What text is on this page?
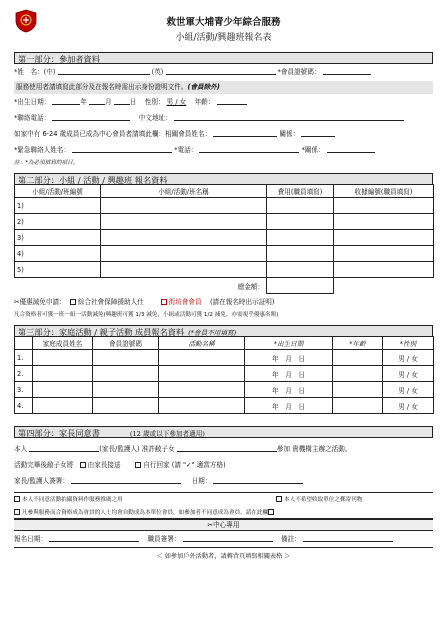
救世軍大埔青少年綜合服務
小組/活動/興趣班報名表
第一部分：參加者資料
*姓　名：(中)	(英)	*會員證號碼：
服務使用者請填寫此部分及在報名時需出示身份證明文件。(會員除外)
*出生日期：	年	月	日 性別： 男 / 女 年齡：
*聯絡電話：	中文地址：
如家中有 6-24 歲成員已成為中心會員者請填此欄：相關會員姓名：	關係：
*緊急聯絡人姓名：	*電話：	*關係：
註：*為必須填寫的項目。
第二部分：小組 / 活動 / 興趣班 報名資料
小組/活動/班編號	小組/活動/班名稱	費用(職員填寫)	收據編號(職員填寫)
1)			
2)			
3)			
4)			
5)			
總金額：			
✂優惠減免申請： 綜合社會保障援助人仕	街坊會會員 (請在報名時出示証明)
凡合資格者可獲一班一組一活動減免(興趣班可獲 1/3 減免，小組或活動可獲 1/2 減免，亦需視乎優惠名額)
第三部分：家庭活動 / 親子活動 成員報名資料 (*會員不用填寫)
	家庭成員姓名	會員證號碼	活動名稱	*出生日期	*年齡	*性別
1.				年　月　日		男 / 女
2.				年　月　日		男 / 女
3.				年　月　日		男 / 女
4.				年　月　日		男 / 女
第四部分：家長同意書	(12 歲或以下參加者適用)
本人	(家長/監護人) 准許敝子女	參加 貴機構主辦之活動。
活動完畢後敝子女將 由家長接送	自行回家 (請 "✓" 適當方格)
家長/監護人簽署：	日期：
本人不同意活動拍攝資料作服務推廣之用	本人不希望收取單位之郵寄刊物
凡參與服務而合資格成為會員的人士均會自動成為本單位會員，如參加者不同意成為會員，請在此欄
✂中心專用
報名日期：	職員簽署：	備註：
＜ 如參加戶外活動者，請轉背頁填寫相關表格 ＞
